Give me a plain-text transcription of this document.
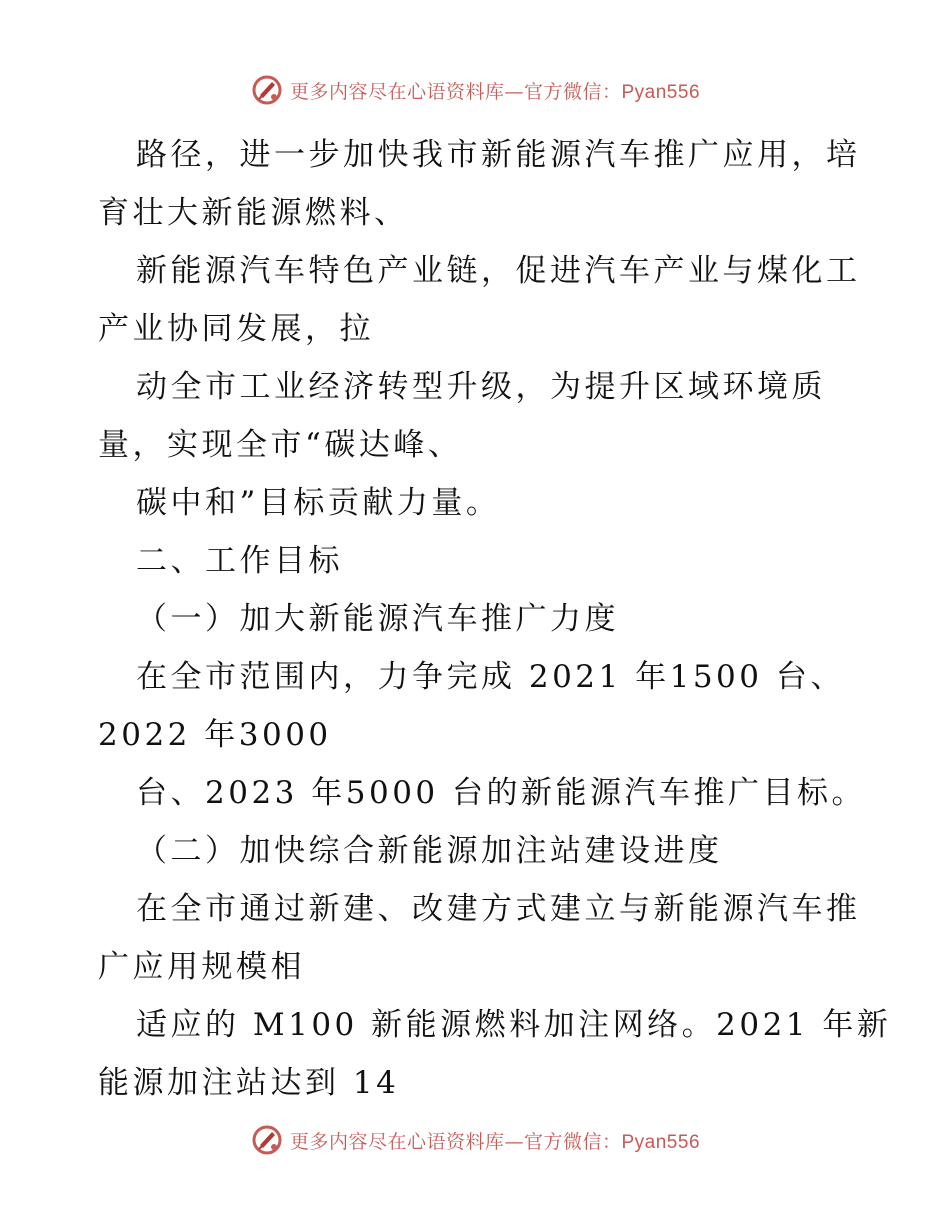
更多内容尽在心语资料库—官方微信：Pyan556
路径，进一步加快我市新能源汽车推广应用，培
育壮大新能源燃料、
新能源汽车特色产业链，促进汽车产业与煤化工
产业协同发展，拉
动全市工业经济转型升级，为提升区域环境质
量，实现全市“碳达峰、
碳中和”目标贡献力量。
二、工作目标
（一）加大新能源汽车推广力度
在全市范围内，力争完成 2021 年1500 台、
2022 年3000
台、2023 年5000 台的新能源汽车推广目标。
（二）加快综合新能源加注站建设进度
在全市通过新建、改建方式建立与新能源汽车推
广应用规模相
适应的 M100 新能源燃料加注网络。2021 年新
能源加注站达到 14
更多内容尽在心语资料库—官方微信：Pyan556
